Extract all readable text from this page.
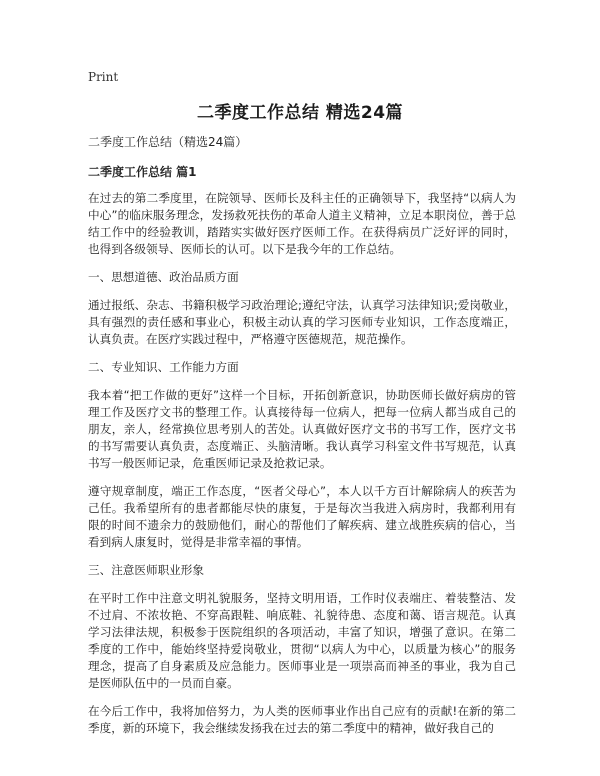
Print
二季度工作总结 精选24篇
二季度工作总结（精选24篇）
二季度工作总结 篇1
在过去的第二季度里，在院领导、医师长及科主任的正确领导下，我坚持“以病人为中心”的临床服务理念，发扬救死扶伤的革命人道主义精神，立足本职岗位，善于总结工作中的经验教训，踏踏实实做好医疗医师工作。在获得病员广泛好评的同时，也得到各级领导、医师长的认可。以下是我今年的工作总结。
一、思想道德、政治品质方面
通过报纸、杂志、书籍积极学习政治理论;遵纪守法，认真学习法律知识;爱岗敬业，具有强烈的责任感和事业心，积极主动认真的学习医师专业知识，工作态度端正，认真负责。在医疗实践过程中，严格遵守医德规范，规范操作。
二、专业知识、工作能力方面
我本着“把工作做的更好”这样一个目标，开拓创新意识，协助医师长做好病房的管理工作及医疗文书的整理工作。认真接待每一位病人，把每一位病人都当成自己的朋友，亲人，经常换位思考别人的苦处。认真做好医疗文书的书写工作，医疗文书的书写需要认真负责，态度端正、头脑清晰。我认真学习科室文件书写规范，认真书写一般医师记录，危重医师记录及抢救记录。
遵守规章制度，端正工作态度，“医者父母心”，本人以千方百计解除病人的疾苦为己任。我希望所有的患者都能尽快的康复，于是每次当我进入病房时，我都利用有限的时间不遗余力的鼓励他们，耐心的帮他们了解疾病、建立战胜疾病的信心，当看到病人康复时，觉得是非常幸福的事情。
三、注意医师职业形象
在平时工作中注意文明礼貌服务，坚持文明用语，工作时仪表端庄、着装整洁、发不过肩、不浓妆艳、不穿高跟鞋、响底鞋、礼貌待患、态度和蔼、语言规范。认真学习法律法规，积极参于医院组织的各项活动，丰富了知识，增强了意识。在第二季度的工作中，能始终坚持爱岗敬业，贯彻“以病人为中心，以质量为核心”的服务理念，提高了自身素质及应急能力。医师事业是一项崇高而神圣的事业，我为自己是医师队伍中的一员而自豪。
在今后工作中，我将加倍努力，为人类的医师事业作出自己应有的贡献!在新的第二季度，新的环境下，我会继续发扬我在过去的第二季度中的精神，做好我自己的
